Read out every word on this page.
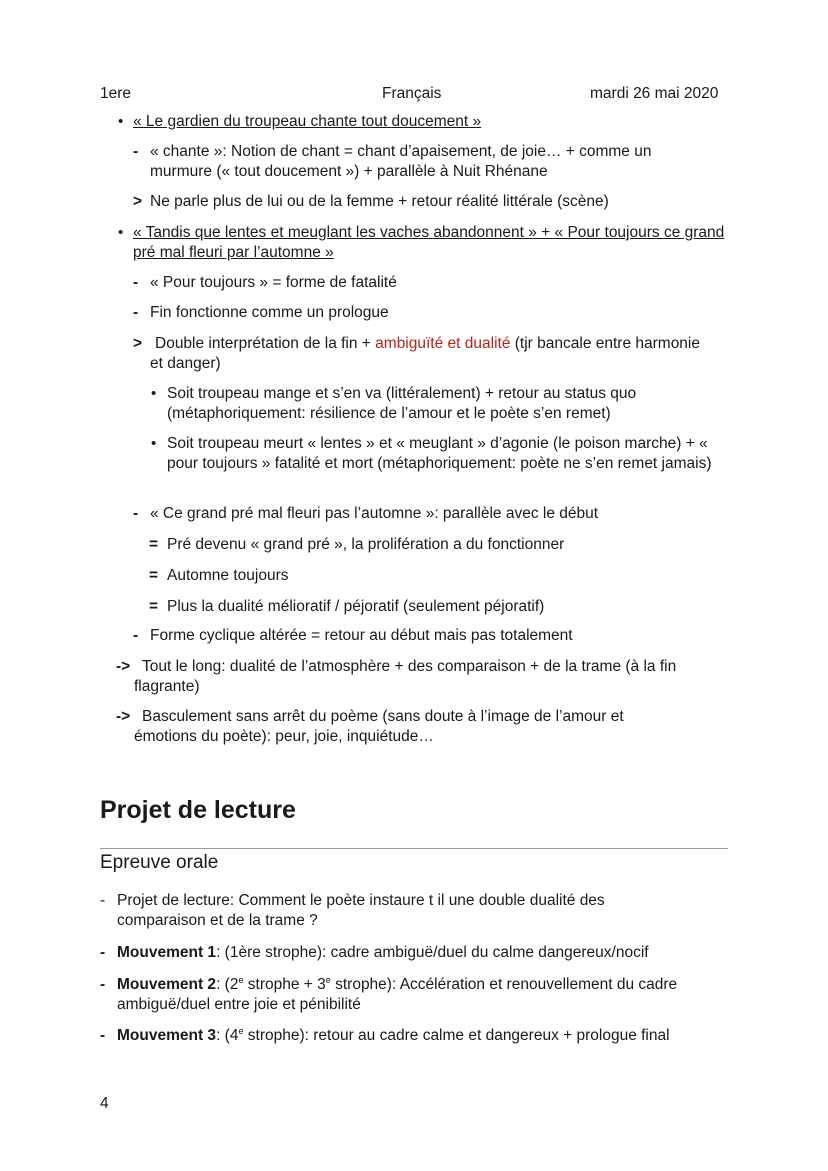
1ere	Français	mardi 26 mai 2020
• « Le gardien du troupeau chante tout doucement »
- « chante »: Notion de chant = chant d’apaisement, de joie… + comme un murmure (« tout doucement ») + parallèle à Nuit Rhénane
> Ne parle plus de lui ou de la femme + retour réalité littérale (scène)
• « Tandis que lentes et meuglant les vaches abandonnent » + « Pour toujours ce grand pré mal fleuri par l’automne »
- « Pour toujours » = forme de fatalité
- Fin fonctionne comme un prologue
> Double interprétation de la fin + ambiguïté et dualité (tjr bancale entre harmonie et danger)
• Soit troupeau mange et s’en va (littéralement) + retour au status quo (métaphoriquement: résilience de l’amour et le poète s’en remet)
• Soit troupeau meurt « lentes » et « meuglant » d’agonie (le poison marche) + « pour toujours » fatalité et mort (métaphoriquement: poète ne s’en remet jamais)
- « Ce grand pré mal fleuri pas l’automne »: parallèle avec le début
= Pré devenu « grand pré », la prolifération a du fonctionner
= Automne toujours
= Plus la dualité mélioratif / péjoratif (seulement péjoratif)
- Forme cyclique altérée = retour au début mais pas totalement
-> Tout le long: dualité de l’atmosphère + des comparaison + de la trame (à la fin flagrante)
-> Basculement sans arrêt du poème (sans doute à l’image de l’amour et émotions du poète): peur, joie, inquiétude…
Projet de lecture
Epreuve orale
- Projet de lecture: Comment le poète instaure t il une double dualité des comparaison et de la trame ?
- Mouvement 1: (1ère strophe): cadre ambiguë/duel du calme dangereux/nocif
- Mouvement 2: (2e strophe + $3^e$ strophe): Accélération et renouvellement du cadre ambiguë/duel entre joie et pénibilité
- Mouvement 3: (4e strophe): retour au cadre calme et dangereux + prologue final
4
